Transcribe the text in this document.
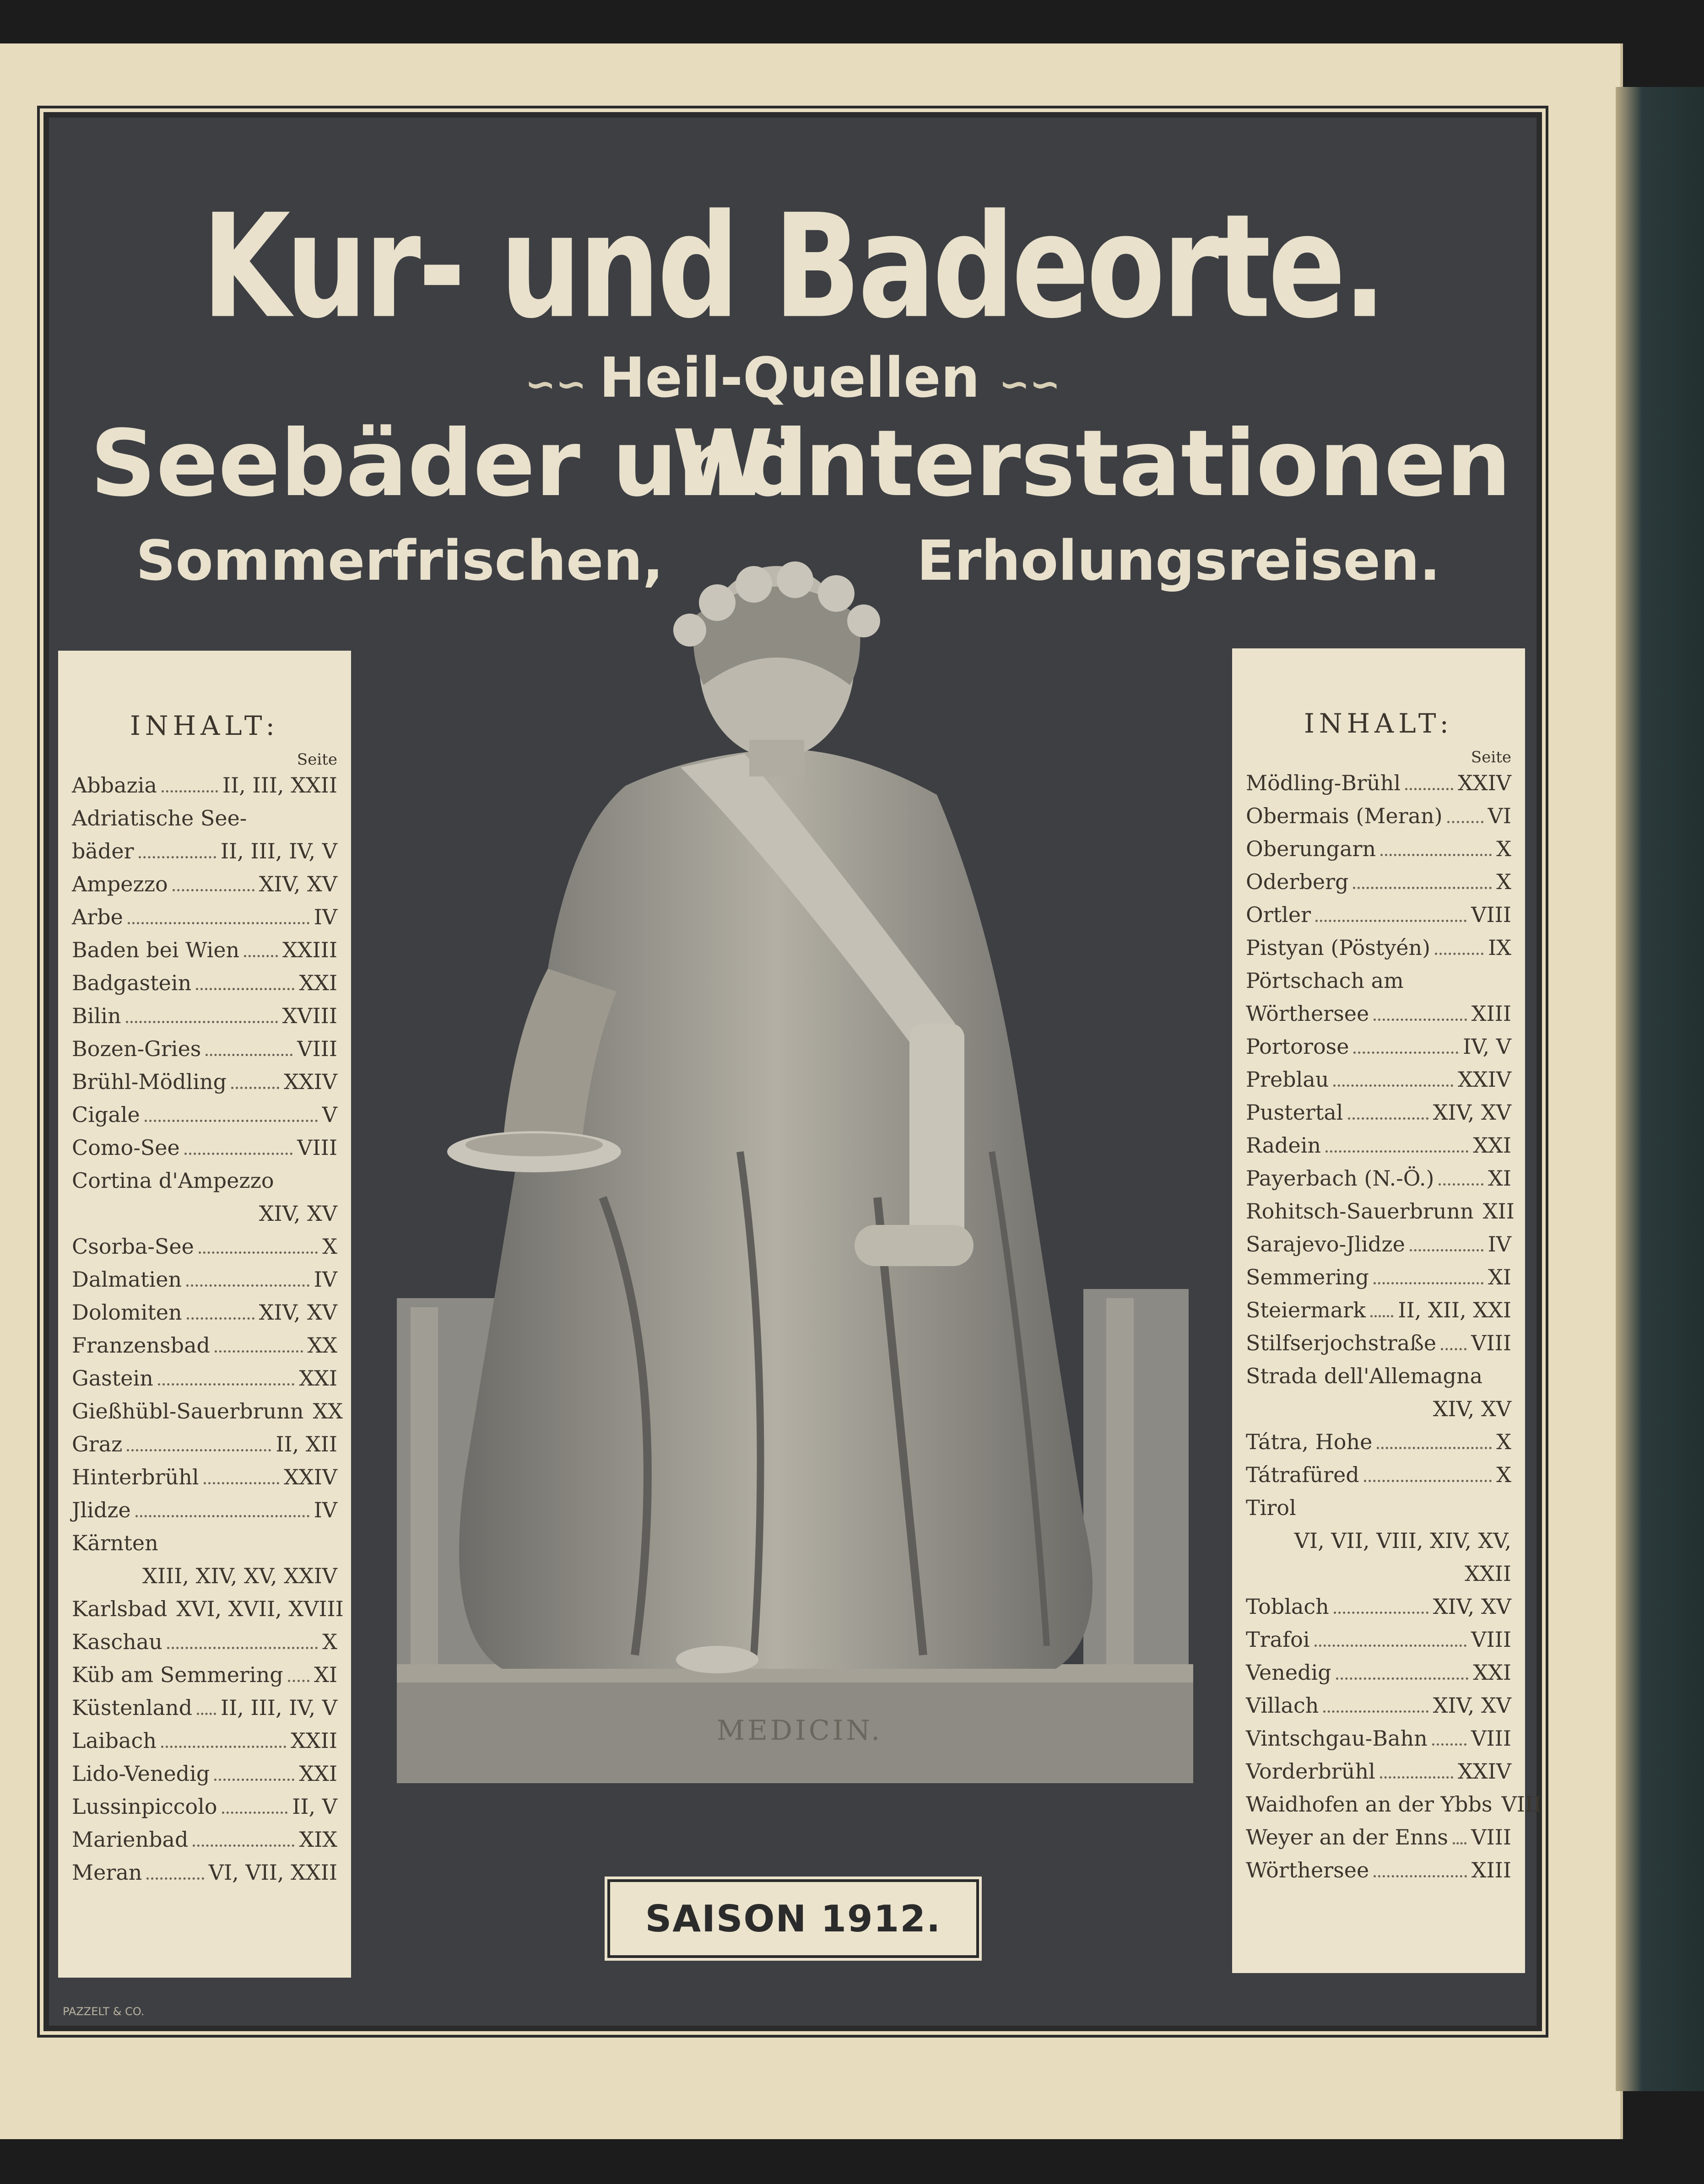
Kur- und Badeorte.
∽∽ Heil-Quellen ∽∽
Seebäder und
Winterstationen
Sommerfrischen,	Erholungsreisen.
MEDICIN.
INHALT:
Seite
Abbazia	II, III, XXII
Adriatische See-
bäder	II, III, IV, V
Ampezzo	XIV, XV
Arbe	IV
Baden bei Wien XXIII
Badgastein	XXI
Bilin	XVIII
Bozen-Gries	VIII
Brühl-Mödling	XXIV
Cigale	V
Como-See	VIII
Cortina d'Ampezzo
XIV, XV
Csorba-See	X
Dalmatien	IV
Dolomiten	XIV, XV
Franzensbad	XX
Gastein	XXI
Gießhübl-Sauerbrunn XX
Graz	II, XII
Hinterbrühl	XXIV
Jlidze	IV
Kärnten
XIII, XIV, XV, XXIV
Karlsbad XVI, XVII, XVIII
Kaschau	X
Küb am Semmering XI
Küstenland II, III, IV, V
Laibach	XXII
Lido-Venedig	XXI
Lussinpiccolo	II, V
Marienbad	XIX
Meran	VI, VII, XXII
INHALT:
Seite
Mödling-Brühl	XXIV
Obermais (Meran) VI
Oberungarn	X
Oderberg	X
Ortler	VIII
Pistyan (Pöstyén)	IX
Pörtschach am
Wörthersee	XIII
Portorose	IV, V
Preblau	XXIV
Pustertal	XIV, XV
Radein	XXI
Payerbach (N.-Ö.)	XI
Rohitsch-Sauerbrunn XII
Sarajevo-Jlidze	IV
Semmering	XI
Steiermark II, XII, XXI
Stilfserjochstraße VIII
Strada dell'Allemagna
XIV, XV
Tátra, Hohe	X
Tátrafüred	X
Tirol
VI, VII, VIII, XIV, XV,
XXII
Toblach	XIV, XV
Trafoi	VIII
Venedig	XXI
Villach	XIV, XV
Vintschgau-Bahn VIII
Vorderbrühl	XXIV
Waidhofen an der Ybbs VIII
Weyer an der Enns VIII
Wörthersee	XIII
SAISON 1912.
PAZZELT & CO.
